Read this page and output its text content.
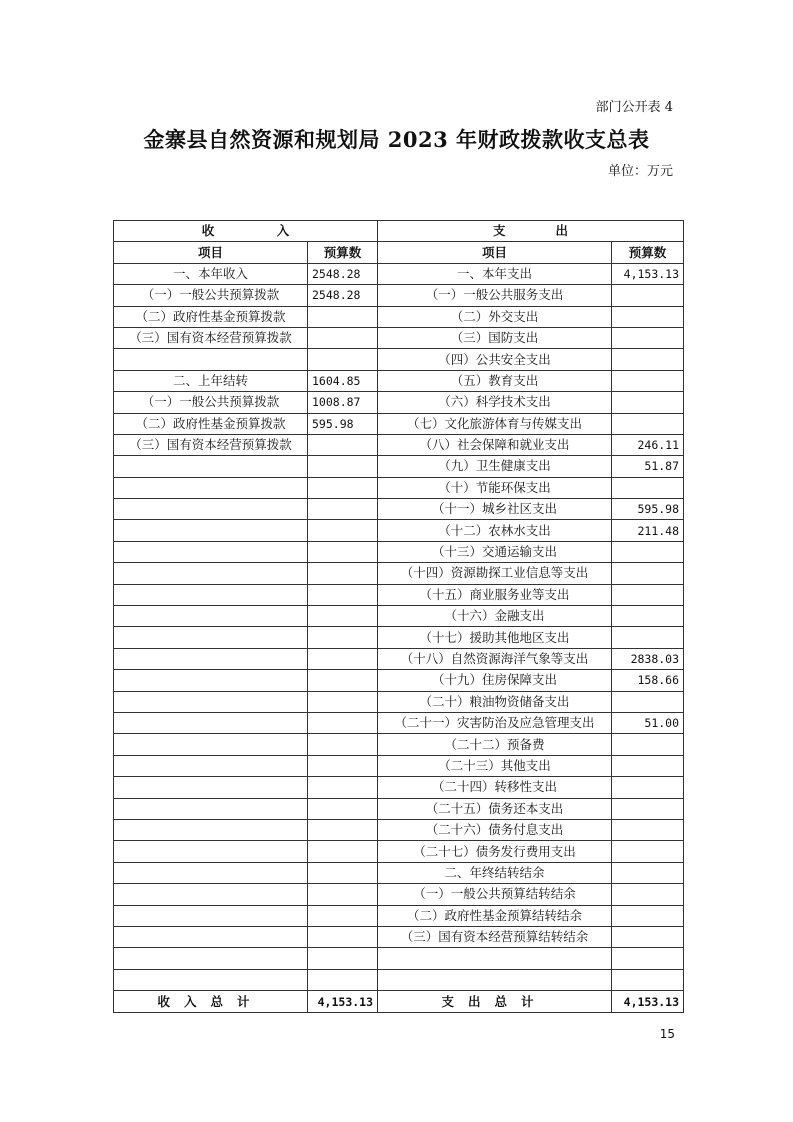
部门公开表 4
金寨县自然资源和规划局 2023 年财政拨款收支总表
单位：万元
收　　　　　入		支　　　　出	
项目	预算数	项目	预算数
一、本年收入	2548.28	一、本年支出	4,153.13
（一）一般公共预算拨款	2548.28	（一）一般公共服务支出	
（二）政府性基金预算拨款		（二）外交支出	
（三）国有资本经营预算拨款		（三）国防支出	
		（四）公共安全支出	
二、上年结转	1604.85	（五）教育支出	
（一）一般公共预算拨款	1008.87	（六）科学技术支出	
（二）政府性基金预算拨款	595.98	（七）文化旅游体育与传媒支出	
（三）国有资本经营预算拨款		（八）社会保障和就业支出	246.11
		（九）卫生健康支出	51.87
		（十）节能环保支出	
		（十一）城乡社区支出	595.98
		（十二）农林水支出	211.48
		（十三）交通运输支出	
		（十四）资源勘探工业信息等支出	
		（十五）商业服务业等支出	
		（十六）金融支出	
		（十七）援助其他地区支出	
		（十八）自然资源海洋气象等支出	2838.03
		（十九）住房保障支出	158.66
		（二十）粮油物资储备支出	
		（二十一）灾害防治及应急管理支出	51.00
		（二十二）预备费	
		（二十三）其他支出	
		（二十四）转移性支出	
		（二十五）债务还本支出	
		（二十六）债务付息支出	
		（二十七）债务发行费用支出	
		二、年终结转结余	
		（一）一般公共预算结转结余	
		（二）政府性基金预算结转结余	
		（三）国有资本经营预算结转结余	

收入总计	4,153.13	支出总计	4,153.13
15
